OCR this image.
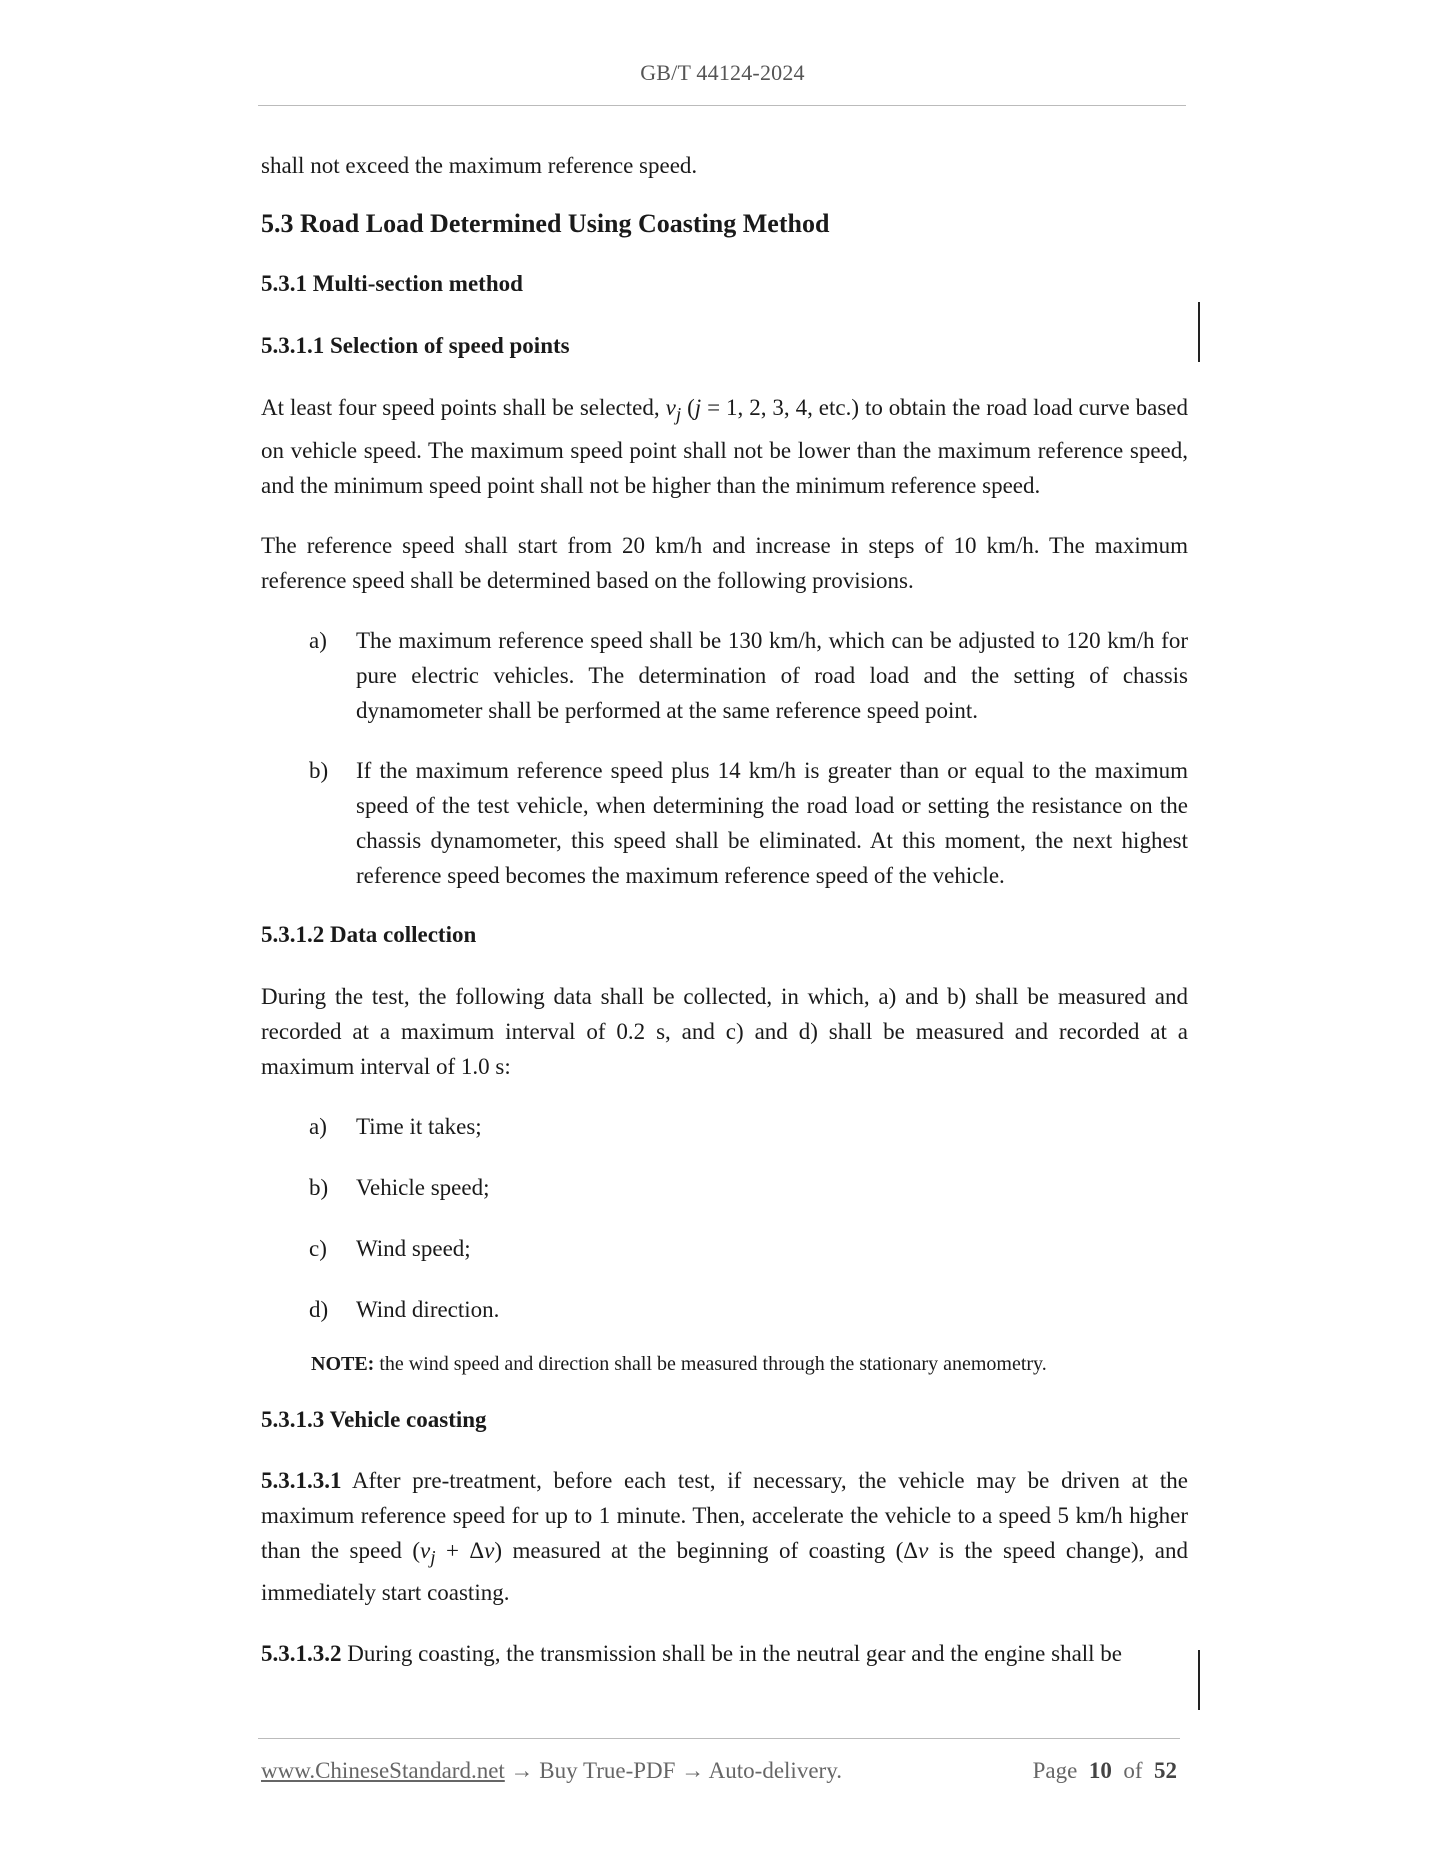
GB/T 44124-2024

shall not exceed the maximum reference speed.

5.3 Road Load Determined Using Coasting Method
5.3.1 Multi-section method
5.3.1.1 Selection of speed points

At least four speed points shall be selected, $v_j$ (j = 1, 2, 3, 4, etc.) to obtain the road load curve based on vehicle speed. The maximum speed point shall not be lower than the maximum reference speed, and the minimum speed point shall not be higher than the minimum reference speed.

The reference speed shall start from 20 km/h and increase in steps of 10 km/h. The maximum reference speed shall be determined based on the following provisions.

a) The maximum reference speed shall be 130 km/h, which can be adjusted to 120 km/h for pure electric vehicles. The determination of road load and the setting of chassis dynamometer shall be performed at the same reference speed point.
b) If the maximum reference speed plus 14 km/h is greater than or equal to the maximum speed of the test vehicle, when determining the road load or setting the resistance on the chassis dynamometer, this speed shall be eliminated. At this moment, the next highest reference speed becomes the maximum reference speed of the vehicle.
5.3.1.2 Data collection

During the test, the following data shall be collected, in which, a) and b) shall be measured and recorded at a maximum interval of 0.2 s, and c) and d) shall be measured and recorded at a maximum interval of 1.0 s:

a) Time it takes;
b) Vehicle speed;
c) Wind speed;
d) Wind direction.

NOTE: the wind speed and direction shall be measured through the stationary anemometry.

5.3.1.3 Vehicle coasting

5.3.1.3.1 After pre-treatment, before each test, if necessary, the vehicle may be driven at the maximum reference speed for up to 1 minute. Then, accelerate the vehicle to a speed 5 km/h higher than the speed $(v_j + \Delta v)$ measured at the beginning of coasting (Δv is the speed change), and immediately start coasting.

5.3.1.3.2 During coasting, the transmission shall be in the neutral gear and the engine shall be

www.ChineseStandard.net → Buy True-PDF → Auto-delivery.	Page 10 of 52
